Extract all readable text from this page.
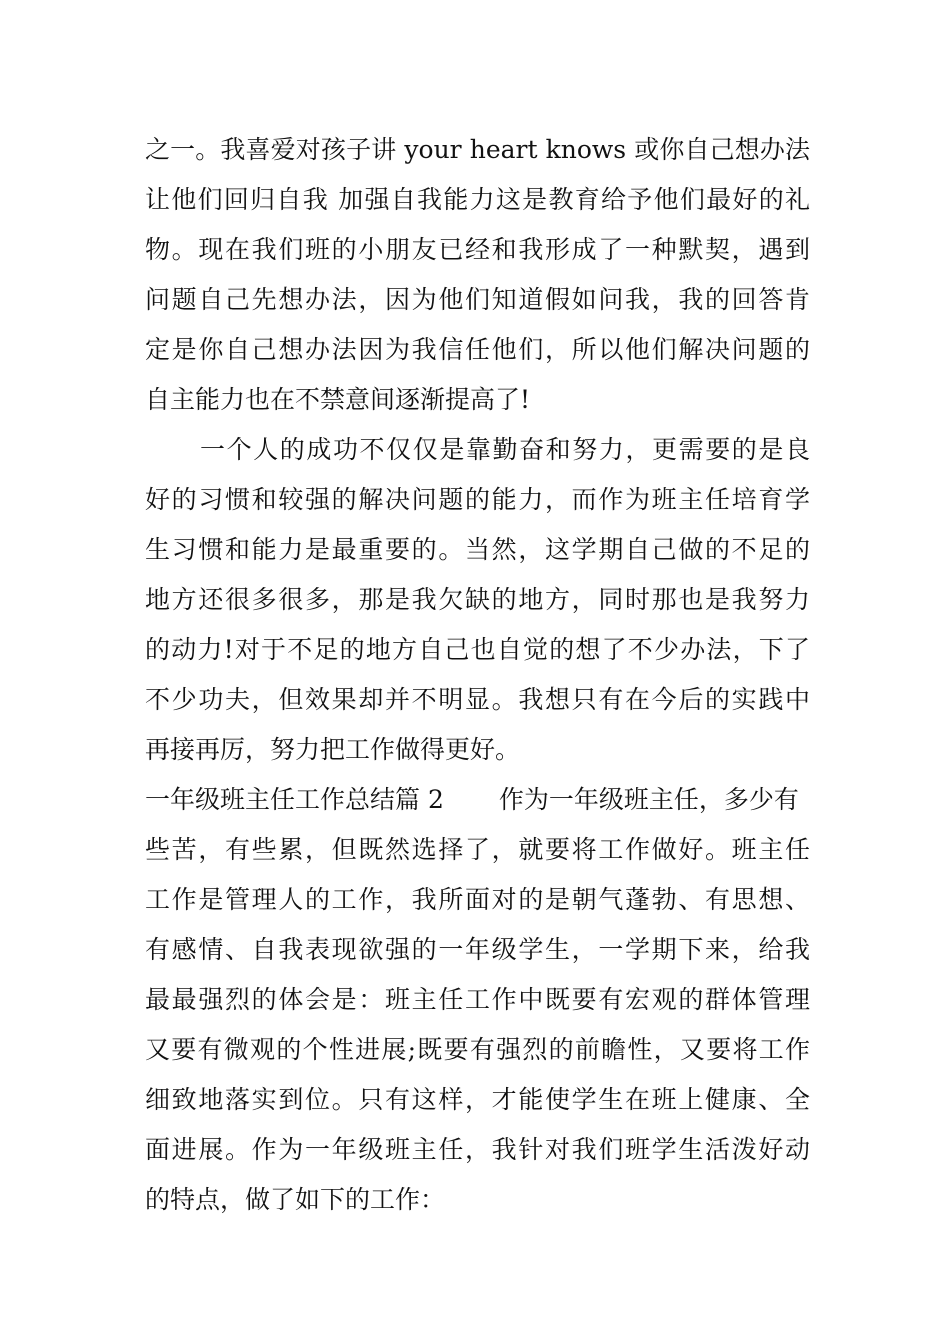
之一。我喜爱对孩子讲 your heart knows 或你自己想办法
让他们回归自我 加强自我能力这是教育给予他们最好的礼
物。现在我们班的小朋友已经和我形成了一种默契，遇到
问题自己先想办法，因为他们知道假如问我，我的回答肯
定是你自己想办法因为我信任他们，所以他们解决问题的
自主能力也在不禁意间逐渐提高了!
一个人的成功不仅仅是靠勤奋和努力，更需要的是良
好的习惯和较强的解决问题的能力，而作为班主任培育学
生习惯和能力是最重要的。当然，这学期自己做的不足的
地方还很多很多，那是我欠缺的地方，同时那也是我努力
的动力!对于不足的地方自己也自觉的想了不少办法，下了
不少功夫，但效果却并不明显。我想只有在今后的实践中
再接再厉，努力把工作做得更好。
一年级班主任工作总结篇 2 作为一年级班主任，多少有
些苦，有些累，但既然选择了，就要将工作做好。班主任
工作是管理人的工作，我所面对的是朝气蓬勃、有思想、
有感情、自我表现欲强的一年级学生，一学期下来，给我
最最强烈的体会是：班主任工作中既要有宏观的群体管理
又要有微观的个性进展;既要有强烈的前瞻性，又要将工作
细致地落实到位。只有这样，才能使学生在班上健康、全
面进展。作为一年级班主任，我针对我们班学生活泼好动
的特点，做了如下的工作：
